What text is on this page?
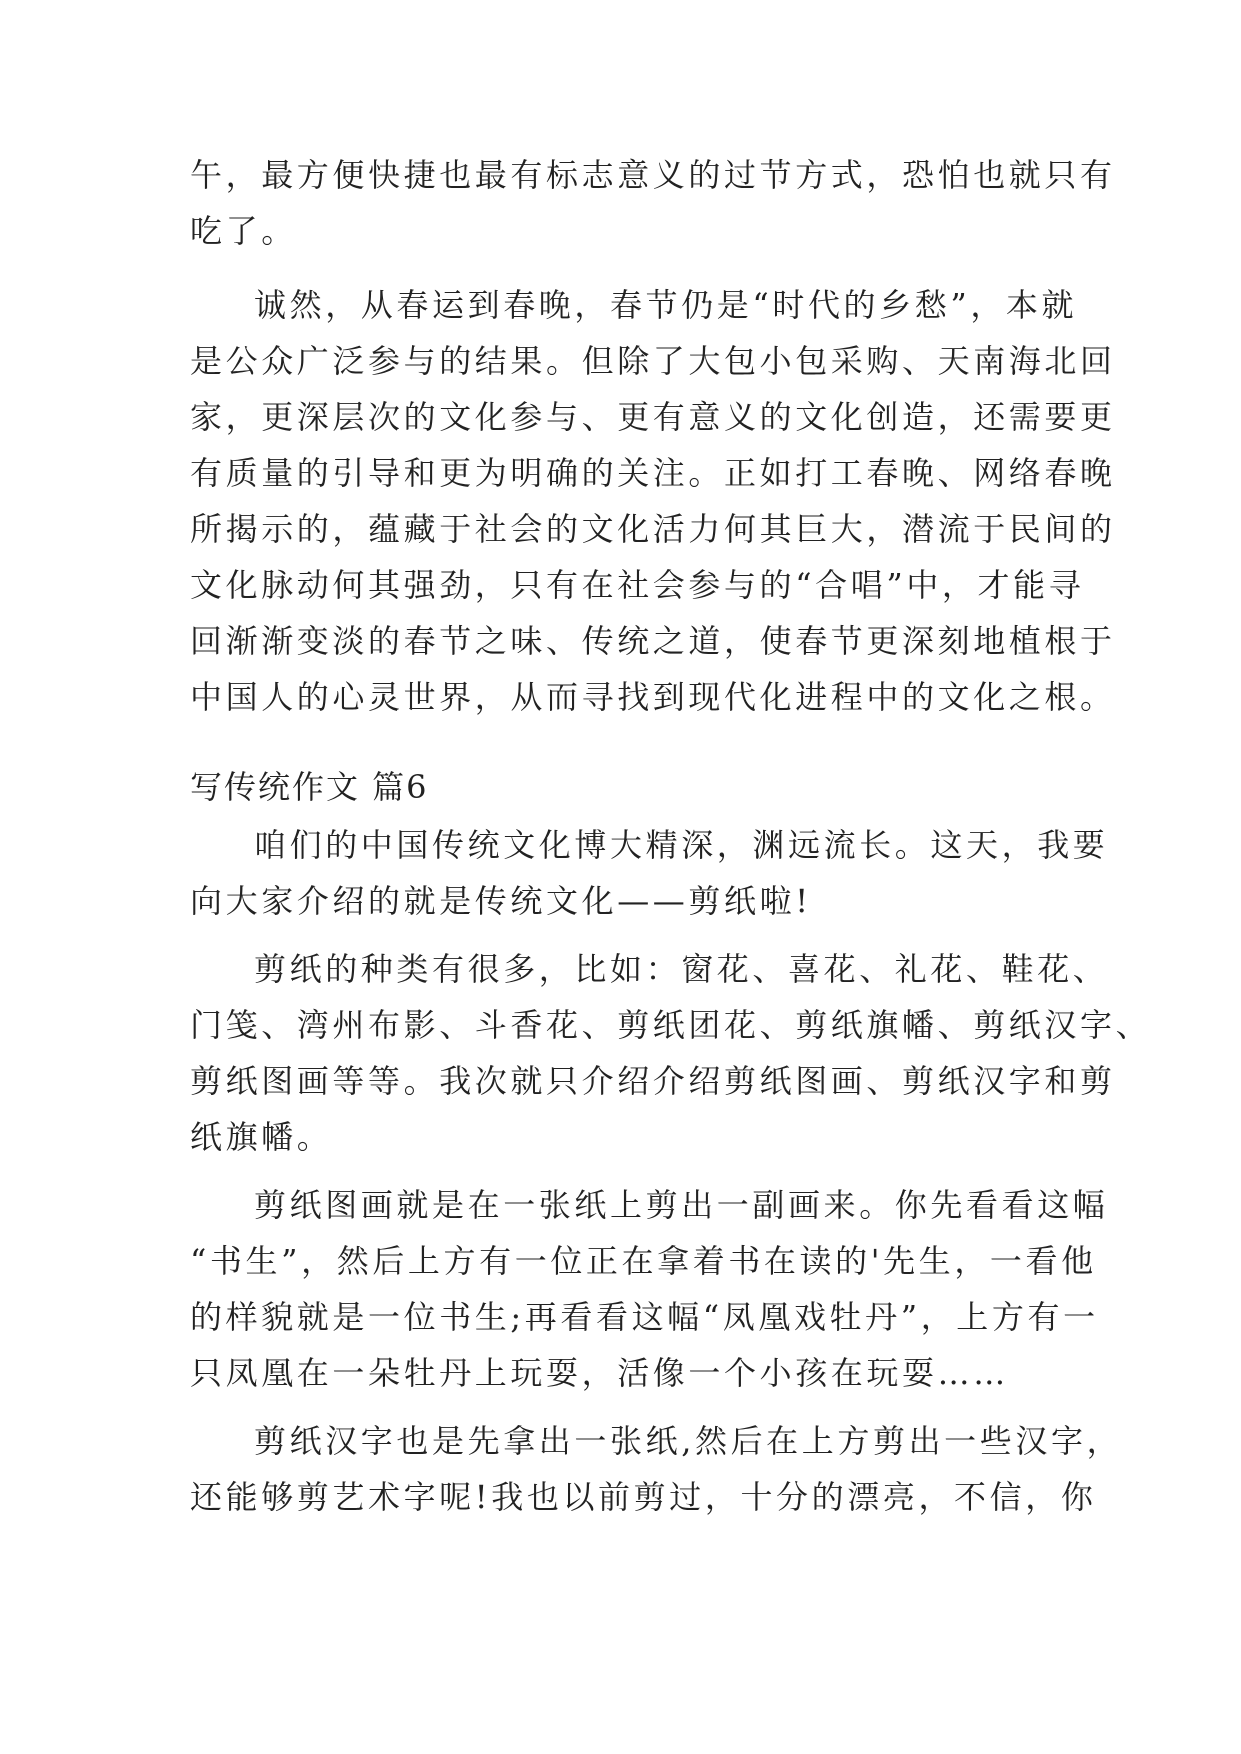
午，最方便快捷也最有标志意义的过节方式，恐怕也就只有
吃了。
诚然，从春运到春晚，春节仍是“时代的乡愁”，本就
是公众广泛参与的结果。但除了大包小包采购、天南海北回
家，更深层次的文化参与、更有意义的文化创造，还需要更
有质量的引导和更为明确的关注。正如打工春晚、网络春晚
所揭示的，蕴藏于社会的文化活力何其巨大，潜流于民间的
文化脉动何其强劲，只有在社会参与的“合唱”中，才能寻
回渐渐变淡的春节之味、传统之道，使春节更深刻地植根于
中国人的心灵世界，从而寻找到现代化进程中的文化之根。
写传统作文 篇6
咱们的中国传统文化博大精深，渊远流长。这天，我要
向大家介绍的就是传统文化——剪纸啦!
剪纸的种类有很多，比如：窗花、喜花、礼花、鞋花、
门笺、湾州布影、斗香花、剪纸团花、剪纸旗幡、剪纸汉字、
剪纸图画等等。我次就只介绍介绍剪纸图画、剪纸汉字和剪
纸旗幡。
剪纸图画就是在一张纸上剪出一副画来。你先看看这幅
“书生”，然后上方有一位正在拿着书在读的'先生，一看他
的样貌就是一位书生;再看看这幅“凤凰戏牡丹”，上方有一
只凤凰在一朵牡丹上玩耍，活像一个小孩在玩耍……
剪纸汉字也是先拿出一张纸,然后在上方剪出一些汉字，
还能够剪艺术字呢!我也以前剪过，十分的漂亮，不信，你
